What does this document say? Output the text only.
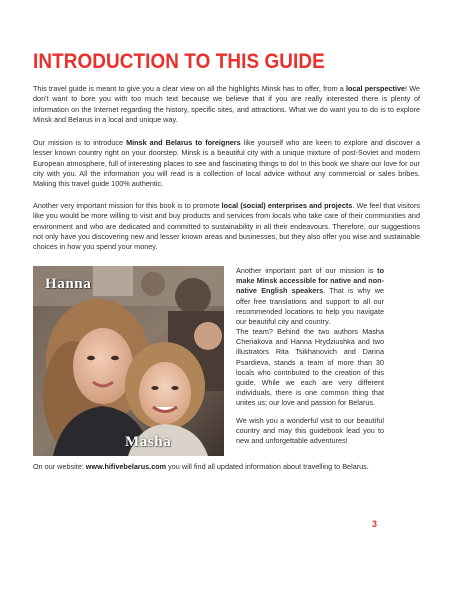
INTRODUCTION TO THIS GUIDE

This travel guide is meant to give you a clear view on all the highlights Minsk has to offer, from a local perspective! We don't want to bore you with too much text because we believe that if you are really interested there is plenty of information on the Internet regarding the history, specific sites, and attractions. What we do want you to do is to explore Minsk and Belarus in a local and unique way.

Our mission is to introduce Minsk and Belarus to foreigners like yourself who are keen to explore and discover a lesser known country right on your doorstep. Minsk is a beautiful city with a unique mixture of post-Soviet and modern European atmosphere, full of interesting places to see and fascinating things to do! In this book we share our love for our city with you. All the information you will read is a collection of local advice without any commercial or sales bribes. Making this travel guide 100% authentic.

Another very important mission for this book is to promote local (social) enterprises and projects. We feel that visitors like you would be more willing to visit and buy products and services from locals who take care of their communities and environment and who are dedicated and committed to sustainability in all their endeavours. Therefore, our suggestions not only have you discovering new and lesser known areas and businesses, but they also offer you wise and sustainable choices in how you spend your money.

Hanna
Masha

Another important part of our mission is to make Minsk accessible for native and non-native English speakers. That is why we offer free translations and support to all our recommended locations to help you navigate our beautiful city and country.

The team? Behind the two authors Masha Cheriakova and Hanna Hrydziushka and two illustrators Rita Tsikhanovich and Darina Psardieva, stands a team of more than 30 locals who contributed to the creation of this guide. While we each are very different individuals, there is one common thing that unites us; our love and passion for Belarus.

We wish you a wonderful visit to our beautiful country and may this guidebook lead you to new and unforgettable adventures!

On our website: www.hifivebelarus.com you will find all updated information about travelling to Belarus.

3
